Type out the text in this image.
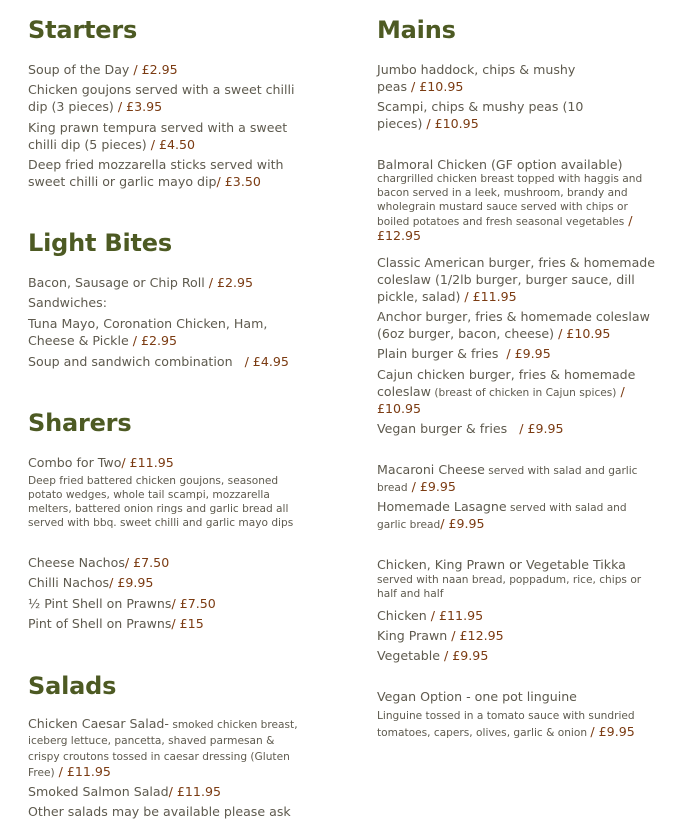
Starters
Soup of the Day / £2.95
Chicken goujons served with a sweet chilli dip (3 pieces) / £3.95
King prawn tempura served with a sweet chilli dip (5 pieces) / £4.50
Deep fried mozzarella sticks served with sweet chilli or garlic mayo dip/ £3.50
Light Bites
Bacon, Sausage or Chip Roll / £2.95
Sandwiches:
Tuna Mayo, Coronation Chicken, Ham, Cheese & Pickle / £2.95
Soup and sandwich combination   / £4.95
Sharers
Combo for Two/ £11.95
Deep fried battered chicken goujons, seasoned potato wedges, whole tail scampi, mozzarella melters, battered onion rings and garlic bread all served with bbq. sweet chilli and garlic mayo dips
Cheese Nachos/ £7.50
Chilli Nachos/ £9.95
½ Pint Shell on Prawns/ £7.50
Pint of Shell on Prawns/ £15
Salads
Chicken Caesar Salad- smoked chicken breast, iceberg lettuce, pancetta, shaved parmesan & crispy croutons tossed in caesar dressing (Gluten Free) / £11.95
Smoked Salmon Salad/ £11.95
Other salads may be available please ask
Mains
Jumbo haddock, chips & mushy peas / £10.95
Scampi, chips & mushy peas (10 pieces) / £10.95
Balmoral Chicken (GF option available)
chargrilled chicken breast topped with haggis and bacon served in a leek, mushroom, brandy and wholegrain mustard sauce served with chips or boiled potatoes and fresh seasonal vegetables / £12.95
Classic American burger, fries & homemade coleslaw (1/2lb burger, burger sauce, dill pickle, salad) / £11.95
Anchor burger, fries & homemade coleslaw (6oz burger, bacon, cheese) / £10.95
Plain burger & fries  / £9.95
Cajun chicken burger, fries & homemade coleslaw (breast of chicken in Cajun spices) / £10.95
Vegan burger & fries   / £9.95
Macaroni Cheese served with salad and garlic bread / £9.95
Homemade Lasagne served with salad and garlic bread/ £9.95
Chicken, King Prawn or Vegetable Tikka
served with naan bread, poppadum, rice, chips or half and half
Chicken / £11.95
King Prawn / £12.95
Vegetable / £9.95
Vegan Option - one pot linguine
Linguine tossed in a tomato sauce with sundried tomatoes, capers, olives, garlic & onion / £9.95
